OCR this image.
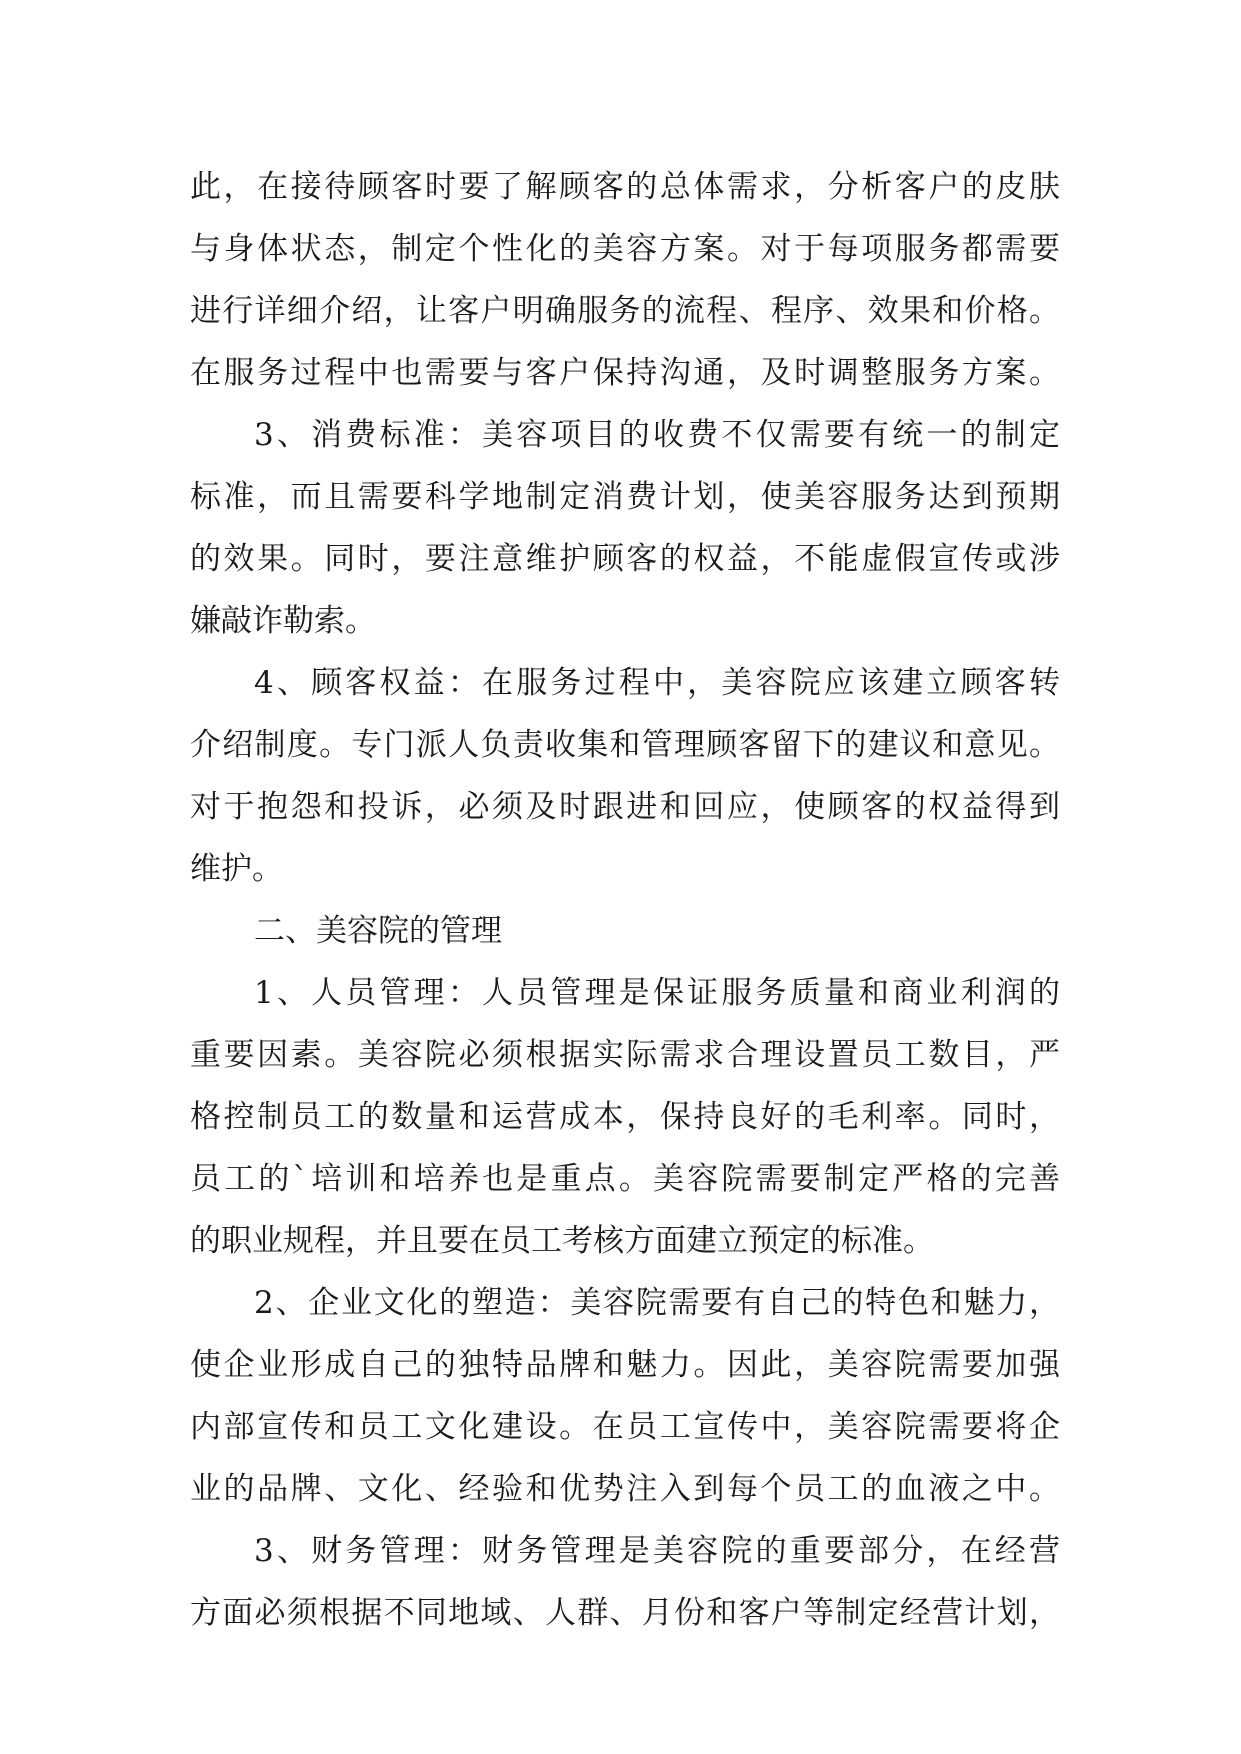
此，在接待顾客时要了解顾客的总体需求，分析客户的皮肤
与身体状态，制定个性化的美容方案。对于每项服务都需要
进行详细介绍，让客户明确服务的流程、程序、效果和价格。
在服务过程中也需要与客户保持沟通，及时调整服务方案。
3、消费标准：美容项目的收费不仅需要有统一的制定
标准，而且需要科学地制定消费计划，使美容服务达到预期
的效果。同时，要注意维护顾客的权益，不能虚假宣传或涉
嫌敲诈勒索。
4、顾客权益：在服务过程中，美容院应该建立顾客转
介绍制度。专门派人负责收集和管理顾客留下的建议和意见。
对于抱怨和投诉，必须及时跟进和回应，使顾客的权益得到
维护。
二、美容院的管理
1、人员管理：人员管理是保证服务质量和商业利润的
重要因素。美容院必须根据实际需求合理设置员工数目，严
格控制员工的数量和运营成本，保持良好的毛利率。同时，
员工的`培训和培养也是重点。美容院需要制定严格的完善
的职业规程，并且要在员工考核方面建立预定的标准。
2、企业文化的塑造：美容院需要有自己的特色和魅力，
使企业形成自己的独特品牌和魅力。因此，美容院需要加强
内部宣传和员工文化建设。在员工宣传中，美容院需要将企
业的品牌、文化、经验和优势注入到每个员工的血液之中。
3、财务管理：财务管理是美容院的重要部分，在经营
方面必须根据不同地域、人群、月份和客户等制定经营计划，
